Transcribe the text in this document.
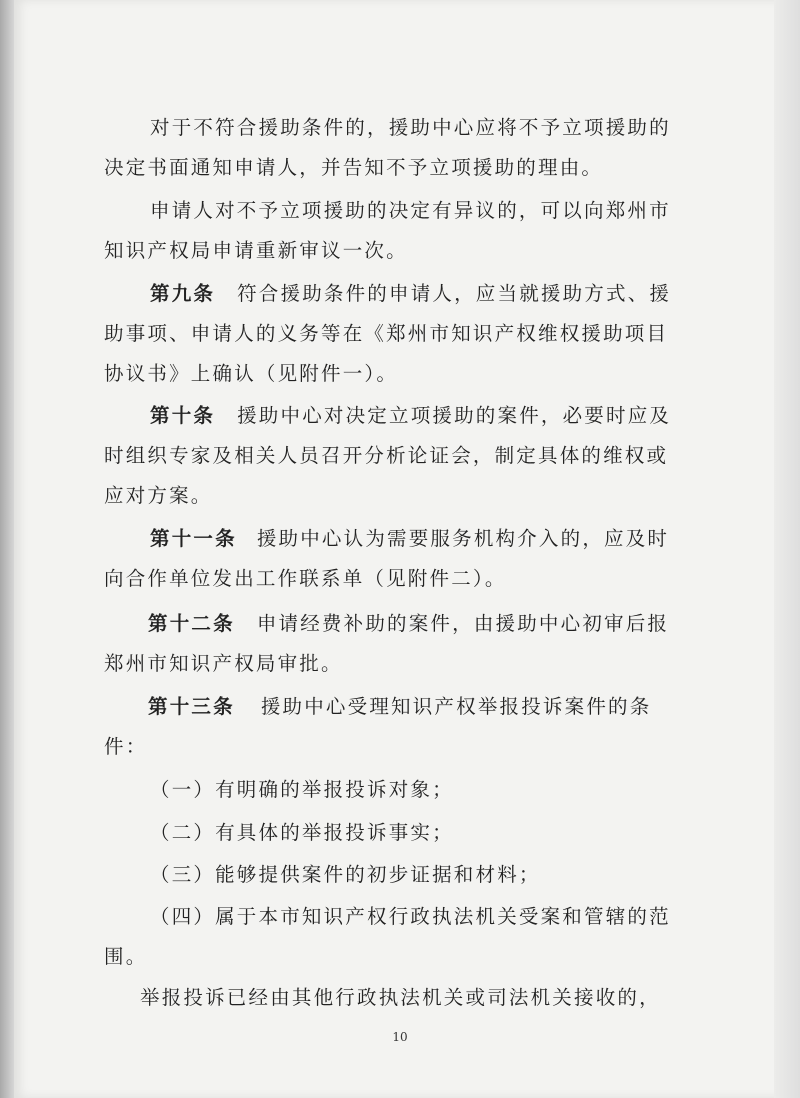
对于不符合援助条件的，援助中心应将不予立项援助的
决定书面通知申请人，并告知不予立项援助的理由。
申请人对不予立项援助的决定有异议的，可以向郑州市
知识产权局申请重新审议一次。
第九条 符合援助条件的申请人，应当就援助方式、援
助事项、申请人的义务等在《郑州市知识产权维权援助项目
协议书》上确认（见附件一）。
第十条 援助中心对决定立项援助的案件，必要时应及
时组织专家及相关人员召开分析论证会，制定具体的维权或
应对方案。
第十一条 援助中心认为需要服务机构介入的，应及时
向合作单位发出工作联系单（见附件二）。
第十二条 申请经费补助的案件，由援助中心初审后报
郑州市知识产权局审批。
第十三条 援助中心受理知识产权举报投诉案件的条
件：
（一）有明确的举报投诉对象；
（二）有具体的举报投诉事实；
（三）能够提供案件的初步证据和材料；
（四）属于本市知识产权行政执法机关受案和管辖的范
围。
举报投诉已经由其他行政执法机关或司法机关接收的，
10
